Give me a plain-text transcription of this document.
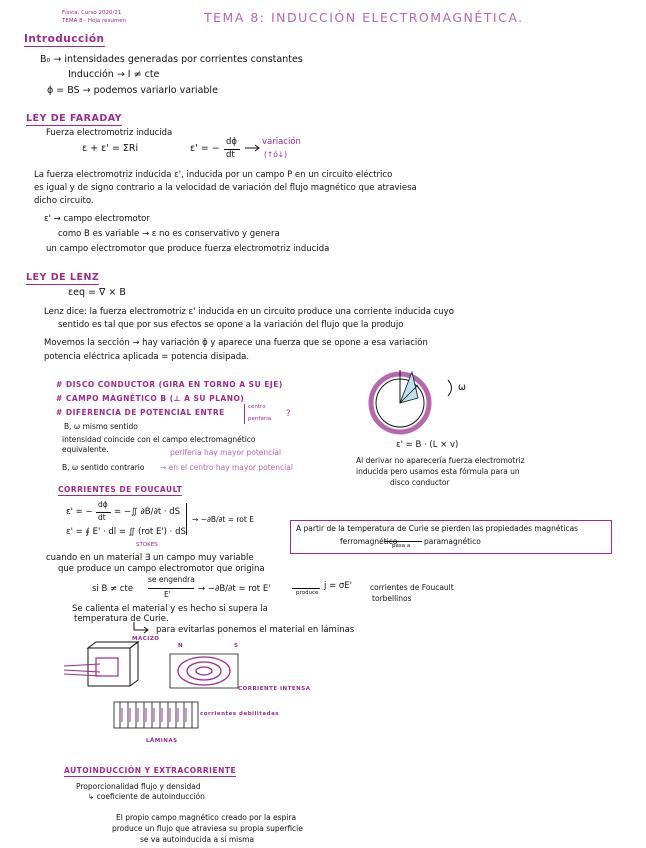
Física, Curso 2020/21
TEMA 8 · Hoja resumen	TEMA 8: INDUCCIÓN ELECTROMAGNÉTICA.
Introducción
B₀ → intensidades generadas por corrientes constantes
Inducción → I ≠ cte
ɸ = BS → podemos variarlo variable
LEY DE FARADAY
Fuerza electromotriz inducida
ε + ε' = ΣRi	ε' = −
dɸ
dt
variación
(↑ó↓)
La fuerza electromotriz inducida ε', inducida por un campo P en un circuito eléctrico
es igual y de signo contrario a la velocidad de variación del flujo magnético que atraviesa
dicho circuito.
ε' → campo electromotor
como B es variable → ε no es conservativo y genera
un campo electromotor que produce fuerza electromotriz inducida
LEY DE LENZ
εeq = ∇ × B
Lenz dice: la fuerza electromotriz ε' inducida en un circuito produce una corriente inducida cuyo
sentido es tal que por sus efectos se opone a la variación del flujo que la produjo
Movemos la sección → hay variación ɸ y aparece una fuerza que se opone a esa variación
potencia eléctrica aplicada = potencia disipada.
# DISCO CONDUCTOR (GIRA EN TORNO A SU EJE)
# CAMPO MAGNÉTICO B (⊥ A SU PLANO)
# DIFERENCIA DE POTENCIAL ENTRE
centro
periferia ?
B, ω mismo sentido
intensidad coincide con el campo electromagnético
equivalente.	periferia hay mayor potencial
B, ω sentido contrario → en el centro hay mayor potencial
ω
ε' = B · (L × v)
Al derivar no aparecería fuerza electromotriz
inducida pero usamos esta fórmula para un
disco conductor
CORRIENTES DE FOUCAULT
ε' = −
dɸ
dt
= −∬ ∂B/∂t · dS
→ −∂B/∂t = rot E
ε' = ∮ E' · dl = ∬ (rot E') · dS
STOKES
A partir de la temperatura de Curie se pierden las propiedades magnéticas
ferromagnético
pasa a paramagnético
cuando en un material ∃ un campo muy variable
que produce un campo electromotor que origina
si B ≠ cte
se engendra
E'
→ −∂B/∂t = rot E'	produce
j = σE' corrientes de Foucault
torbellinos
Se calienta el material y es hecho si supera la
temperatura de Curie.
para evitarlas ponemos el material en láminas
MACIZO
N	S
CORRIENTE INTENSA
corrientes debilitadas
LÁMINAS
AUTOINDUCCIÓN Y EXTRACORRIENTE
Proporcionalidad flujo y densidad
↳ coeficiente de autoinducción
El propio campo magnético creado por la espira
produce un flujo que atraviesa su propia superficie
se va autoinducida a sí misma
